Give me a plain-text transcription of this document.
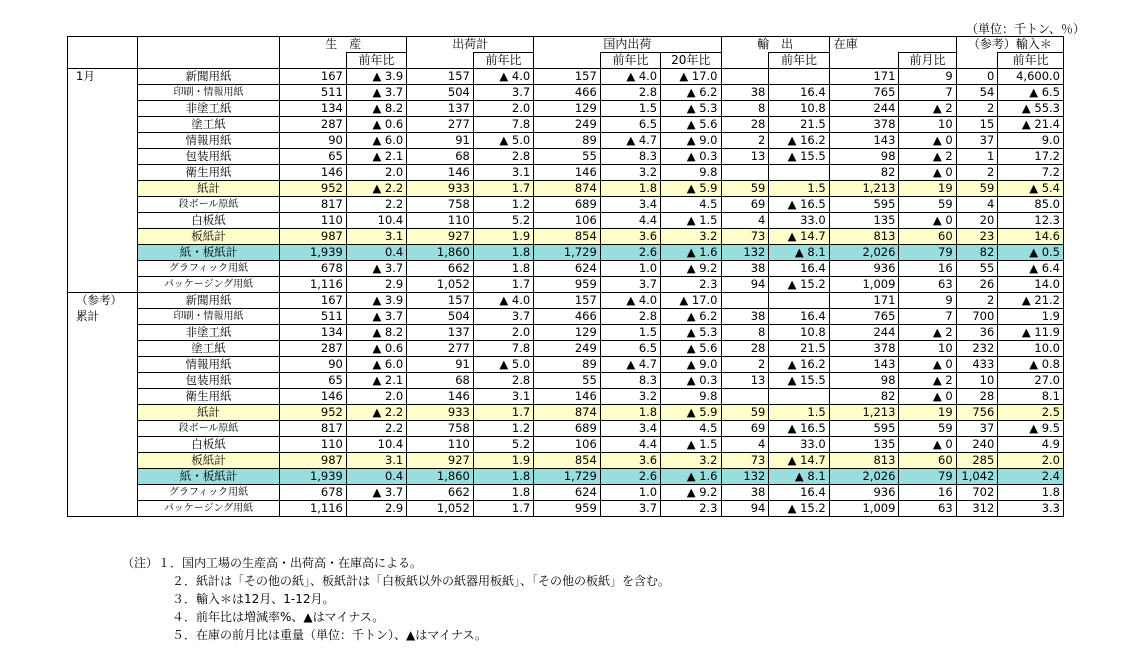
（単位：千トン、％）
		生　産		出荷計		国内出荷			輸　出		在庫		（参考）輸入＊	
			前年比		前年比		前年比	20年比		前年比		前月比		前年比

1月	新聞用紙	167	▲ 3.9	157	▲ 4.0	157	▲ 4.0	▲ 17.0			171	9	0	4,600.0

	印刷・情報用紙	511	▲ 3.7	504	3.7	466	2.8	▲ 6.2	38	16.4	765	7	54	▲ 6.5
	非塗工紙	134	▲ 8.2	137	2.0	129	1.5	▲ 5.3	8	10.8	244	▲ 2	2	▲ 55.3
	塗工紙	287	▲ 0.6	277	7.8	249	6.5	▲ 5.6	28	21.5	378	10	15	▲ 21.4
	情報用紙	90	▲ 6.0	91	▲ 5.0	89	▲ 4.7	▲ 9.0	2	▲ 16.2	143	▲ 0	37	9.0
	包装用紙	65	▲ 2.1	68	2.8	55	8.3	▲ 0.3	13	▲ 15.5	98	▲ 2	1	17.2
	衛生用紙	146	2.0	146	3.1	146	3.2	9.8			82	▲ 0	2	7.2
	紙計	952	▲ 2.2	933	1.7	874	1.8	▲ 5.9	59	1.5	1,213	19	59	▲ 5.4
	段ボール原紙	817	2.2	758	1.2	689	3.4	4.5	69	▲ 16.5	595	59	4	85.0
	白板紙	110	10.4	110	5.2	106	4.4	▲ 1.5	4	33.0	135	▲ 0	20	12.3
	板紙計	987	3.1	927	1.9	854	3.6	3.2	73	▲ 14.7	813	60	23	14.6
	紙・板紙計	1,939	0.4	1,860	1.8	1,729	2.6	▲ 1.6	132	▲ 8.1	2,026	79	82	▲ 0.5
	グラフィック用紙	678	▲ 3.7	662	1.8	624	1.0	▲ 9.2	38	16.4	936	16	55	▲ 6.4
	パッケージング用紙	1,116	2.9	1,052	1.7	959	3.7	2.3	94	▲ 15.2	1,009	63	26	14.0

（参考）	新聞用紙	167	▲ 3.9	157	▲ 4.0	157	▲ 4.0	▲ 17.0			171	9	2	▲ 21.2

累計	印刷・情報用紙	511	▲ 3.7	504	3.7	466	2.8	▲ 6.2	38	16.4	765	7	700	1.9
	非塗工紙	134	▲ 8.2	137	2.0	129	1.5	▲ 5.3	8	10.8	244	▲ 2	36	▲ 11.9
	塗工紙	287	▲ 0.6	277	7.8	249	6.5	▲ 5.6	28	21.5	378	10	232	10.0
	情報用紙	90	▲ 6.0	91	▲ 5.0	89	▲ 4.7	▲ 9.0	2	▲ 16.2	143	▲ 0	433	▲ 0.8
	包装用紙	65	▲ 2.1	68	2.8	55	8.3	▲ 0.3	13	▲ 15.5	98	▲ 2	10	27.0
	衛生用紙	146	2.0	146	3.1	146	3.2	9.8			82	▲ 0	28	8.1
	紙計	952	▲ 2.2	933	1.7	874	1.8	▲ 5.9	59	1.5	1,213	19	756	2.5
	段ボール原紙	817	2.2	758	1.2	689	3.4	4.5	69	▲ 16.5	595	59	37	▲ 9.5
	白板紙	110	10.4	110	5.2	106	4.4	▲ 1.5	4	33.0	135	▲ 0	240	4.9
	板紙計	987	3.1	927	1.9	854	3.6	3.2	73	▲ 14.7	813	60	285	2.0
	紙・板紙計	1,939	0.4	1,860	1.8	1,729	2.6	▲ 1.6	132	▲ 8.1	2,026	79	1,042	2.4
	グラフィック用紙	678	▲ 3.7	662	1.8	624	1.0	▲ 9.2	38	16.4	936	16	702	1.8
	パッケージング用紙	1,116	2.9	1,052	1.7	959	3.7	2.3	94	▲ 15.2	1,009	63	312	3.3
（注）１．国内工場の生産高・出荷高・在庫高による。
２．紙計は「その他の紙」、板紙計は「白板紙以外の紙器用板紙」、「その他の板紙」を含む。
３．輸入＊は12月、1-12月。
４．前年比は増減率%、▲はマイナス。
５．在庫の前月比は重量（単位：千トン）、▲はマイナス。
